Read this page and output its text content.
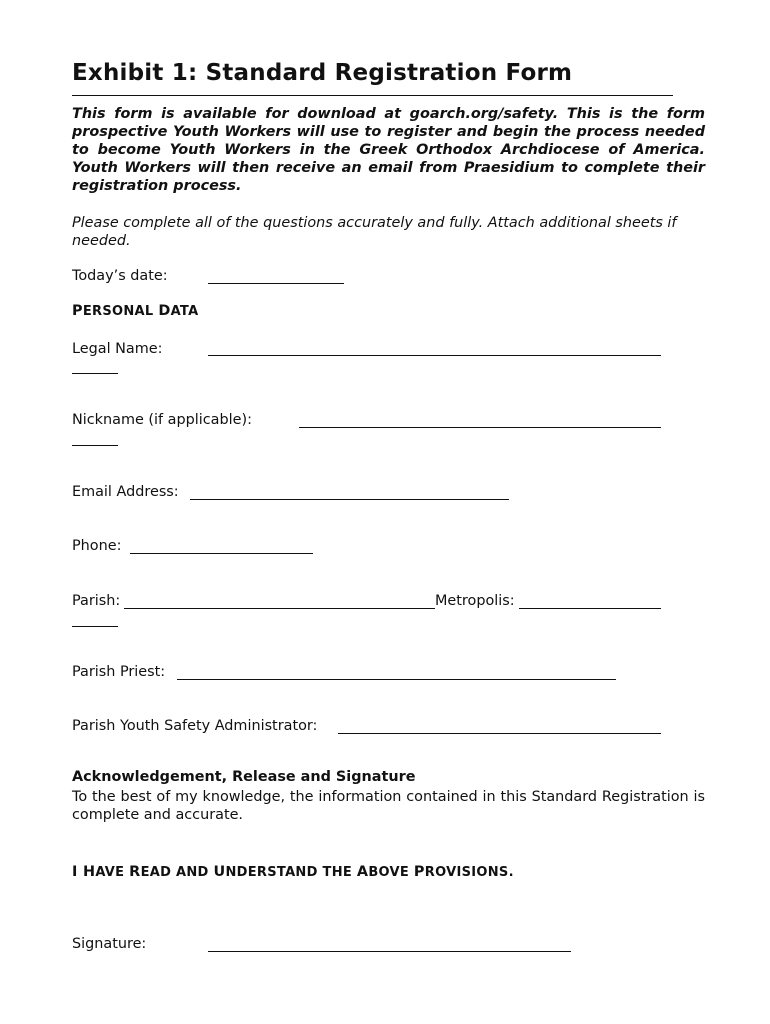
Exhibit 1: Standard Registration Form
This form is available for download at goarch.org/safety. This is the form prospective Youth Workers will use to register and begin the process needed to become Youth Workers in the Greek Orthodox Archdiocese of America. Youth Workers will then receive an email from Praesidium to complete their registration process.
Please complete all of the questions accurately and fully. Attach additional sheets if needed.
Today’s date:
PERSONAL DATA
Legal Name:
Nickname (if applicable):
Email Address:
Phone:
Parish:	Metropolis:
Parish Priest:
Parish Youth Safety Administrator:
Acknowledgement, Release and Signature
To the best of my knowledge, the information contained in this Standard Registration is complete and accurate.
I HAVE READ AND UNDERSTAND THE ABOVE PROVISIONS.
Signature:
